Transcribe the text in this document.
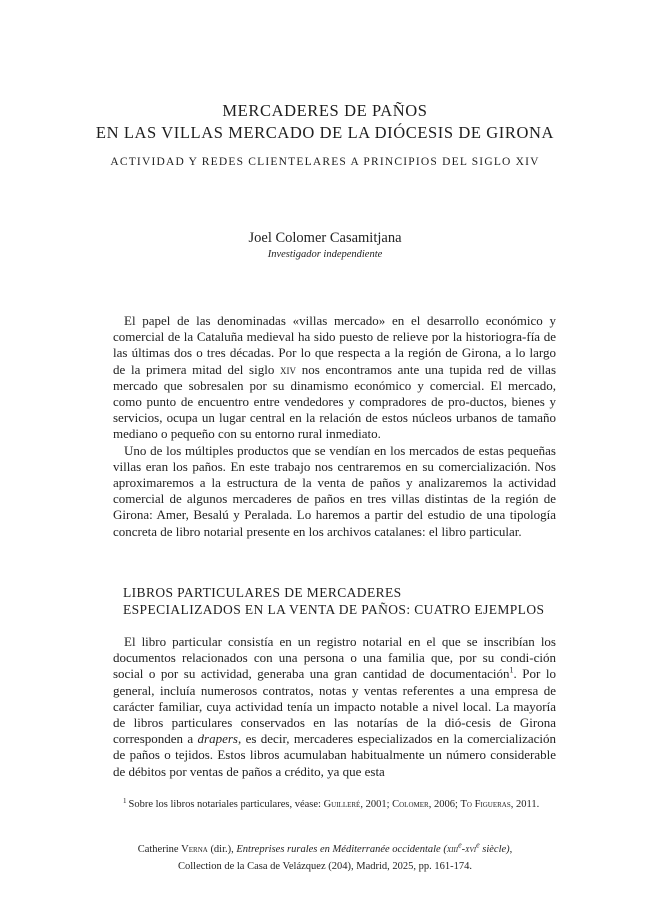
MERCADERES DE PAÑOS
EN LAS VILLAS MERCADO DE LA DIÓCESIS DE GIRONA
ACTIVIDAD Y REDES CLIENTELARES A PRINCIPIOS DEL SIGLO XIV
Joel Colomer Casamitjana
Investigador independiente

El papel de las denominadas «villas mercado» en el desarrollo económico y comercial de la Cataluña medieval ha sido puesto de relieve por la historiogra-fía de las últimas dos o tres décadas. Por lo que respecta a la región de Girona, a lo largo de la primera mitad del siglo xiv nos encontramos ante una tupida red de villas mercado que sobresalen por su dinamismo económico y comercial. El mercado, como punto de encuentro entre vendedores y compradores de pro-ductos, bienes y servicios, ocupa un lugar central en la relación de estos núcleos urbanos de tamaño mediano o pequeño con su entorno rural inmediato.

Uno de los múltiples productos que se vendían en los mercados de estas pequeñas villas eran los paños. En este trabajo nos centraremos en su comercialización. Nos aproximaremos a la estructura de la venta de paños y analizaremos la actividad comercial de algunos mercaderes de paños en tres villas distintas de la región de Girona: Amer, Besalú y Peralada. Lo haremos a partir del estudio de una tipología concreta de libro notarial presente en los archivos catalanes: el libro particular.

LIBROS PARTICULARES DE MERCADERES
ESPECIALIZADOS EN LA VENTA DE PAÑOS: CUATRO EJEMPLOS

El libro particular consistía en un registro notarial en el que se inscribían los documentos relacionados con una persona o una familia que, por su condi-ción social o por su actividad, generaba una gran cantidad de documentación$^1$. Por lo general, incluía numerosos contratos, notas y ventas referentes a una empresa de carácter familiar, cuya actividad tenía un impacto notable a nivel local. La mayoría de libros particulares conservados en las notarías de la dió-cesis de Girona corresponden a drapers, es decir, mercaderes especializados en la comercialización de paños o tejidos. Estos libros acumulaban habitualmente un número considerable de débitos por ventas de paños a crédito, ya que esta

$^1$ Sobre los libros notariales particulares, véase: Guilleré, 2001; Colomer, 2006; To Figueras, 2011.
Catherine Verna (dir.), Entreprises rurales en Méditerranée occidentale (xiii$^e$-xvi$^e$ siècle),
Collection de la Casa de Velázquez (204), Madrid, 2025, pp. 161-174.
